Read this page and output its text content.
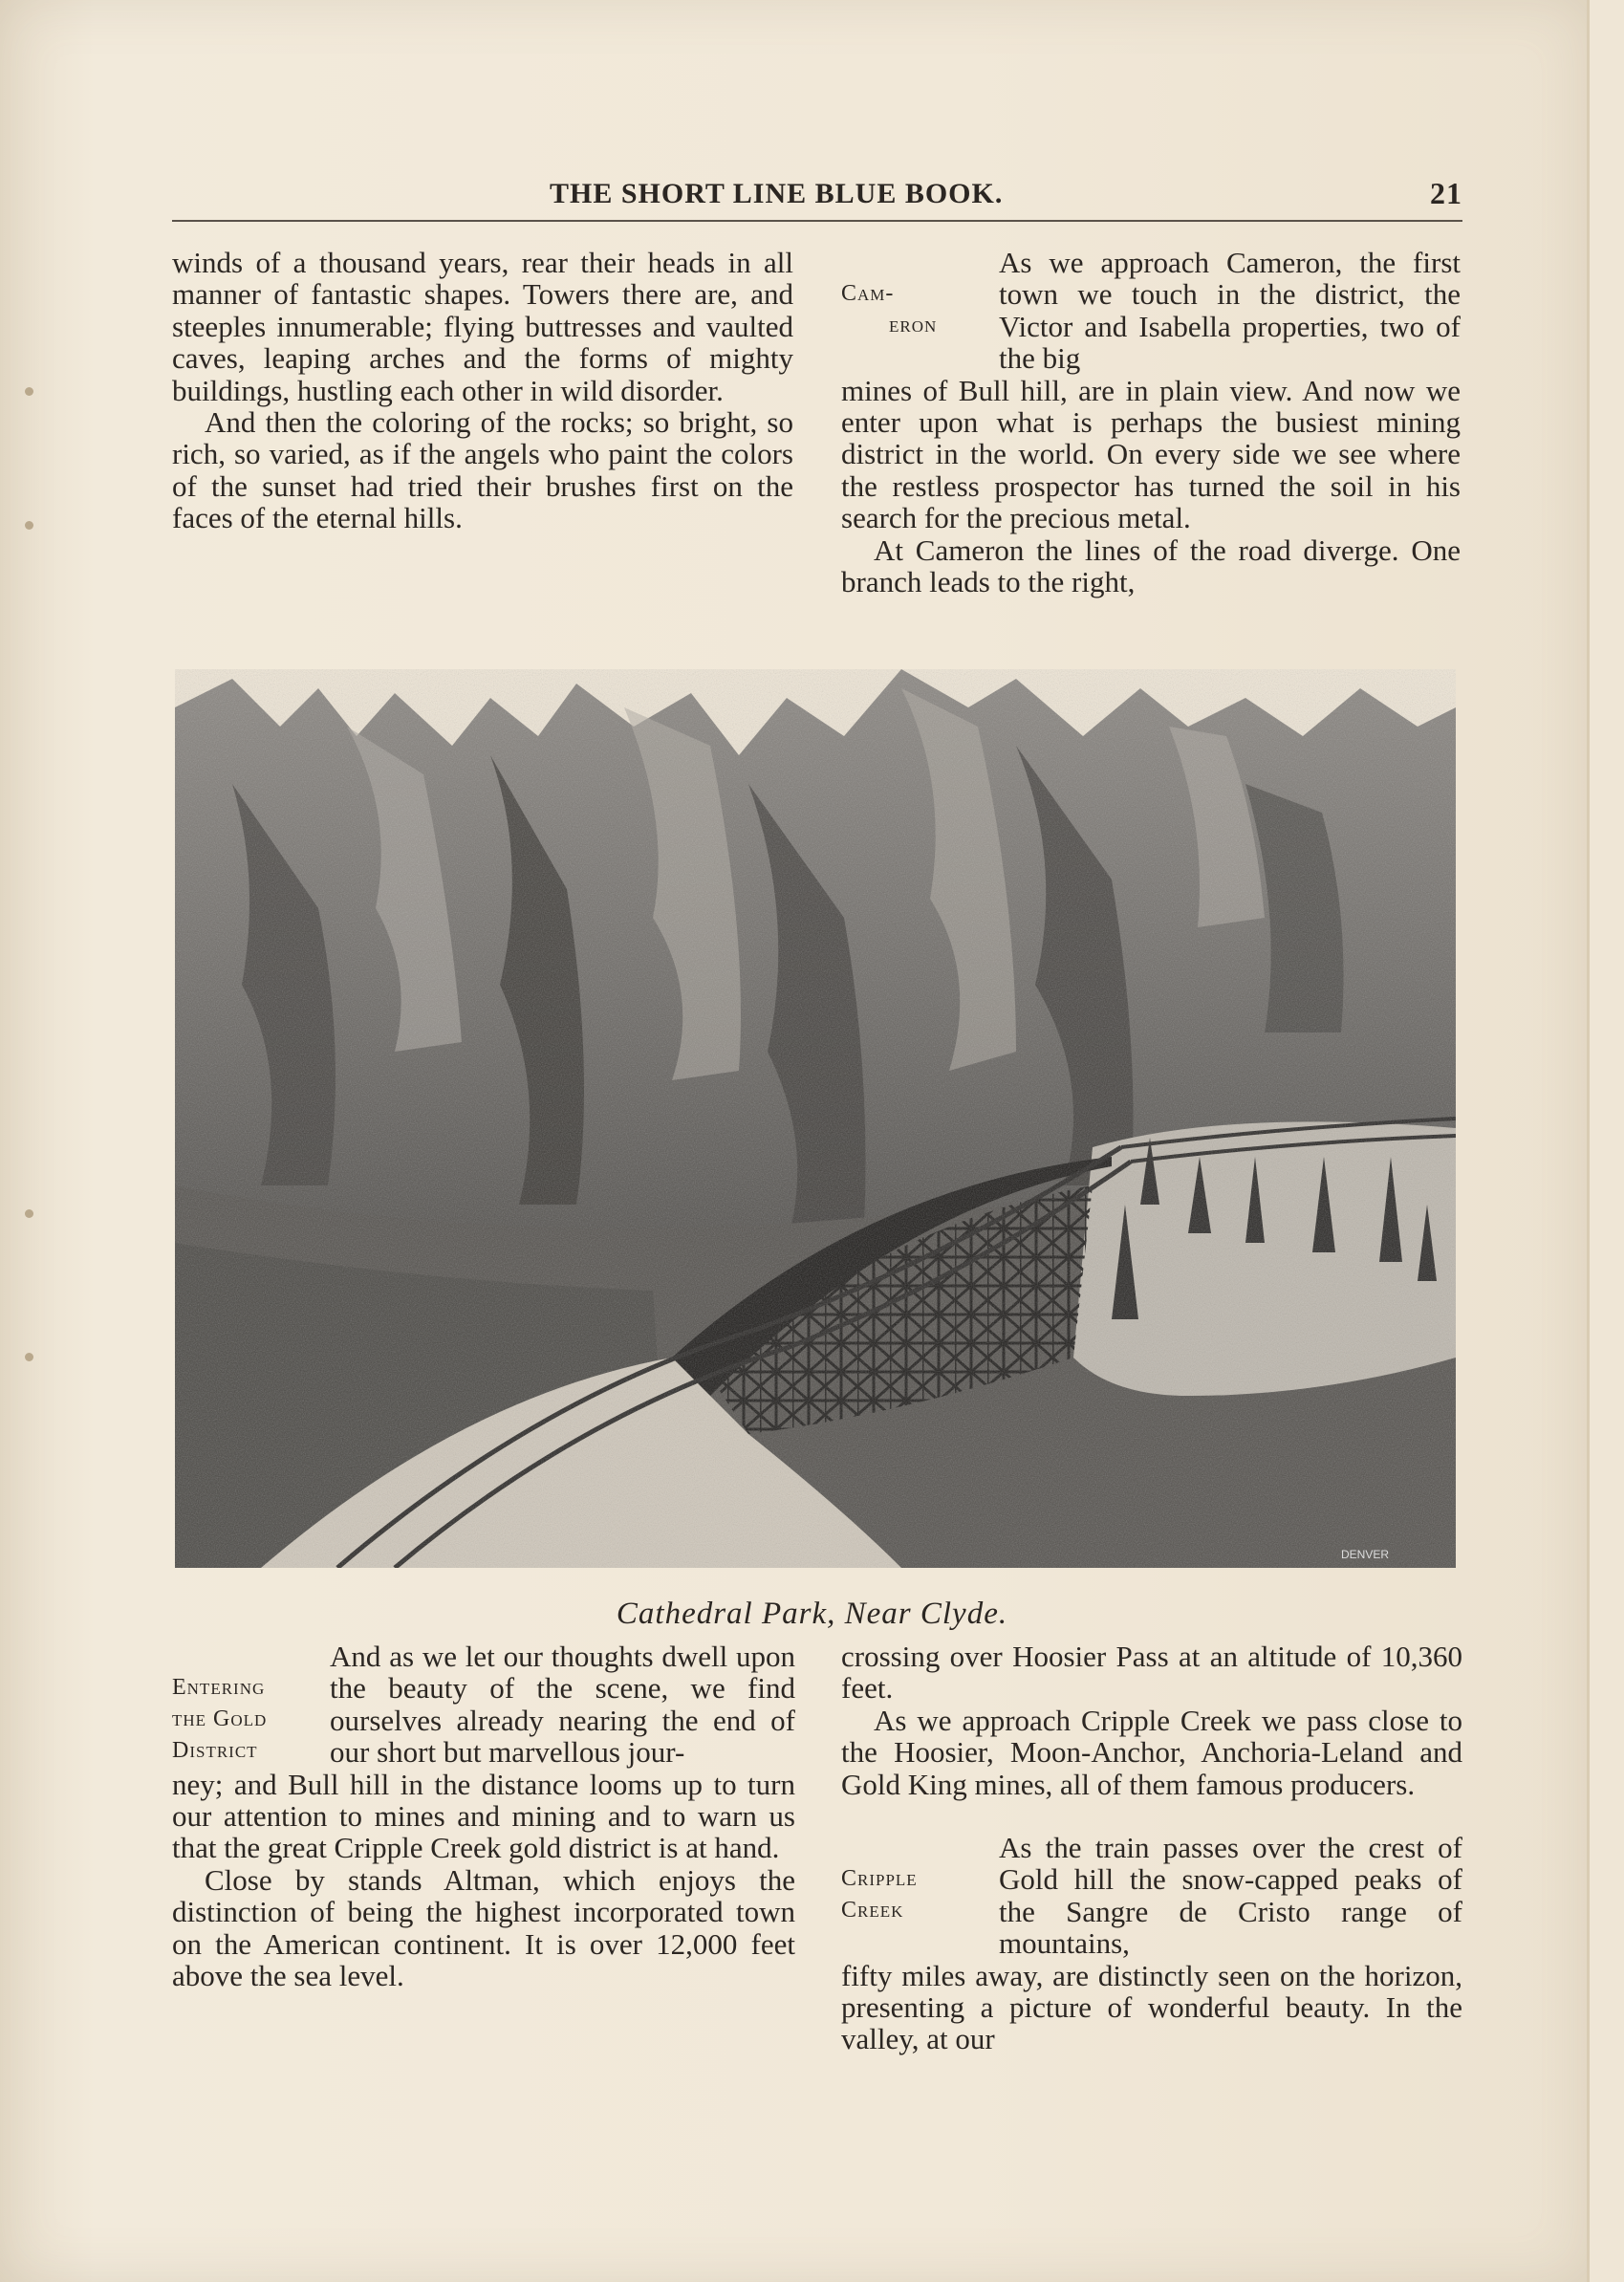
THE SHORT LINE BLUE BOOK.	21

winds of a thousand years, rear their heads in all manner of fantastic shapes. Towers there are, and steeples innumerable; flying buttresses and vaulted caves, leaping arches and the forms of mighty buildings, hustling each other in wild disorder.

And then the coloring of the rocks; so bright, so rich, so varied, as if the angels who paint the colors of the sunset had tried their brushes first on the faces of the eternal hills.

Cam-
eron

As we approach Cameron, the first town we touch in the district, the Victor and Isabella properties, two of the big

mines of Bull hill, are in plain view. And now we enter upon what is perhaps the busiest mining district in the world. On every side we see where the restless prospector has turned the soil in his search for the precious metal.

At Cameron the lines of the road diverge. One branch leads to the right,

DENVER
Cathedral Park, Near Clyde.
Entering
the Gold
District

And as we let our thoughts dwell upon the beauty of the scene, we find ourselves already nearing the end of our short but marvellous jour-

ney; and Bull hill in the distance looms up to turn our attention to mines and mining and to warn us that the great Cripple Creek gold district is at hand.

Close by stands Altman, which enjoys the distinction of being the highest incorporated town on the American continent. It is over 12,000 feet above the sea level.

crossing over Hoosier Pass at an altitude of 10,360 feet.

As we approach Cripple Creek we pass close to the Hoosier, Moon-Anchor, Anchoria-Leland and Gold King mines, all of them famous producers.

Cripple
Creek

As the train passes over the crest of Gold hill the snow-capped peaks of the Sangre de Cristo range of mountains,

fifty miles away, are distinctly seen on the horizon, presenting a picture of wonderful beauty. In the valley, at our
